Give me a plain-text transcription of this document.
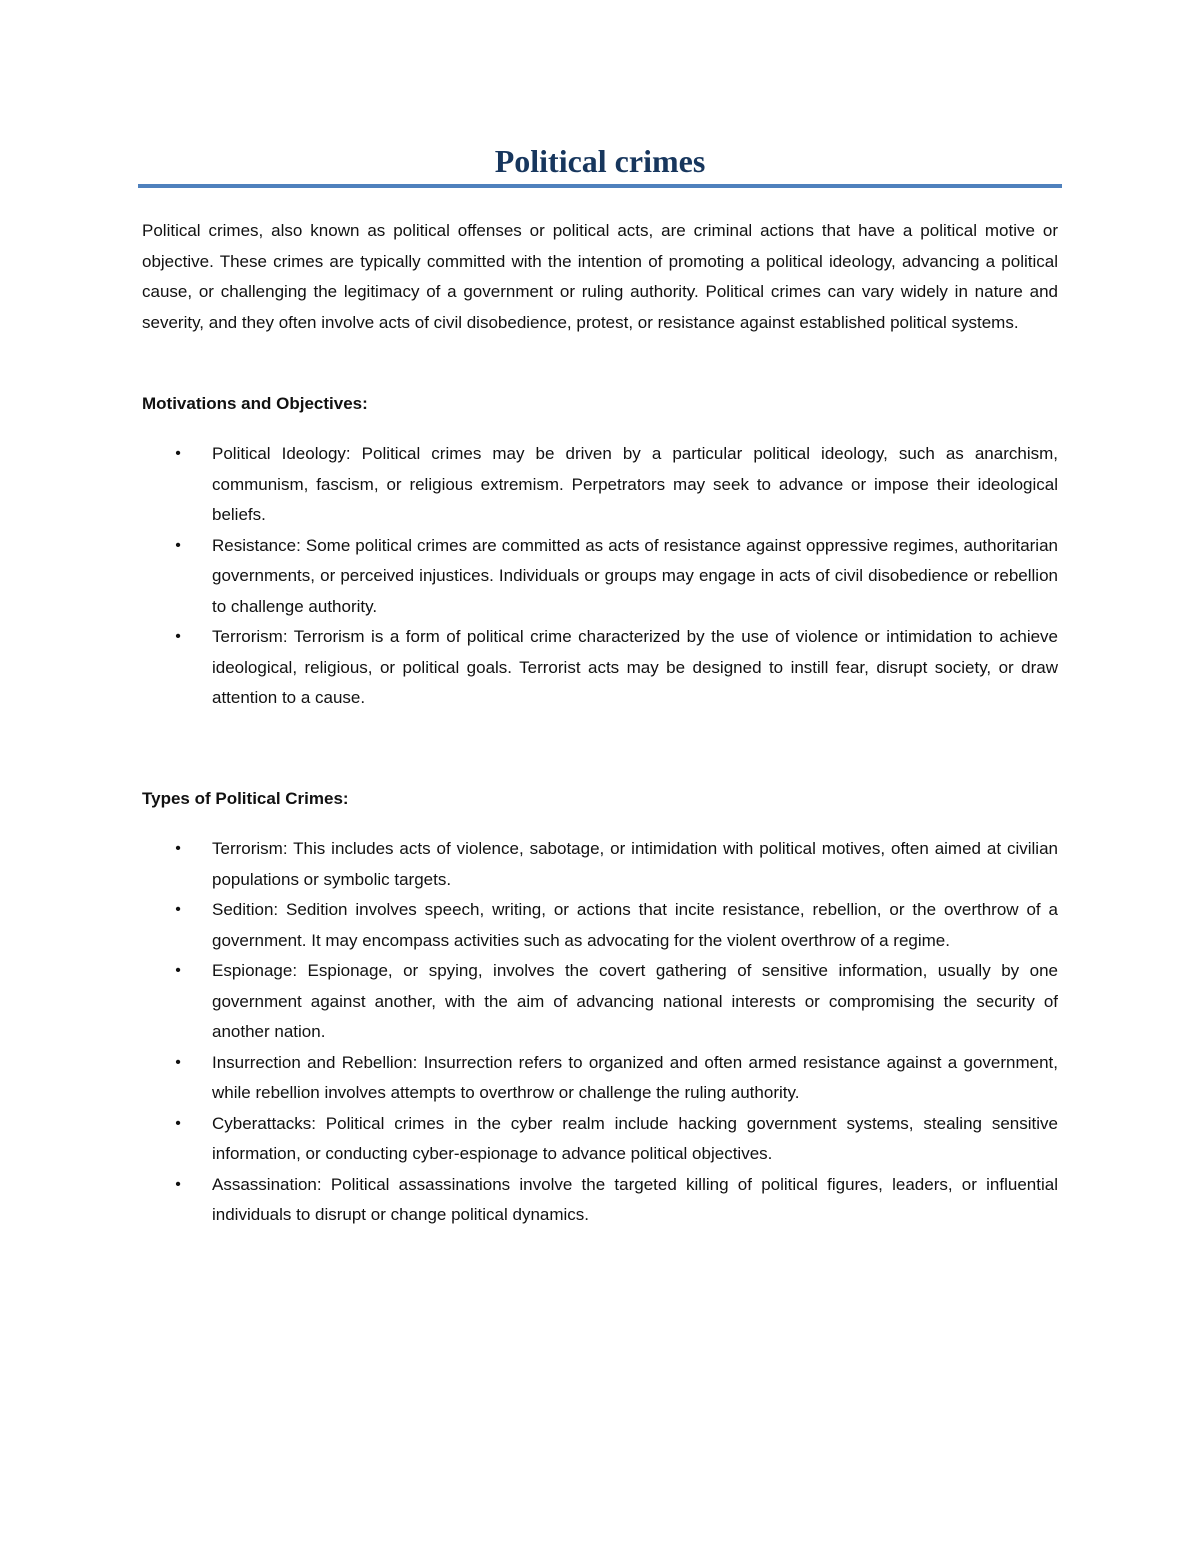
Political crimes

Political crimes, also known as political offenses or political acts, are criminal actions that have a political motive or objective. These crimes are typically committed with the intention of promoting a political ideology, advancing a political cause, or challenging the legitimacy of a government or ruling authority. Political crimes can vary widely in nature and severity, and they often involve acts of civil disobedience, protest, or resistance against established political systems.

Motivations and Objectives:
• Political Ideology: Political crimes may be driven by a particular political ideology, such as anarchism, communism, fascism, or religious extremism. Perpetrators may seek to advance or impose their ideological beliefs.
• Resistance: Some political crimes are committed as acts of resistance against oppressive regimes, authoritarian governments, or perceived injustices. Individuals or groups may engage in acts of civil disobedience or rebellion to challenge authority.
• Terrorism: Terrorism is a form of political crime characterized by the use of violence or intimidation to achieve ideological, religious, or political goals. Terrorist acts may be designed to instill fear, disrupt society, or draw attention to a cause.
Types of Political Crimes:
• Terrorism: This includes acts of violence, sabotage, or intimidation with political motives, often aimed at civilian populations or symbolic targets.
• Sedition: Sedition involves speech, writing, or actions that incite resistance, rebellion, or the overthrow of a government. It may encompass activities such as advocating for the violent overthrow of a regime.
• Espionage: Espionage, or spying, involves the covert gathering of sensitive information, usually by one government against another, with the aim of advancing national interests or compromising the security of another nation.
• Insurrection and Rebellion: Insurrection refers to organized and often armed resistance against a government, while rebellion involves attempts to overthrow or challenge the ruling authority.
• Cyberattacks: Political crimes in the cyber realm include hacking government systems, stealing sensitive information, or conducting cyber-espionage to advance political objectives.
• Assassination: Political assassinations involve the targeted killing of political figures, leaders, or influential individuals to disrupt or change political dynamics.
